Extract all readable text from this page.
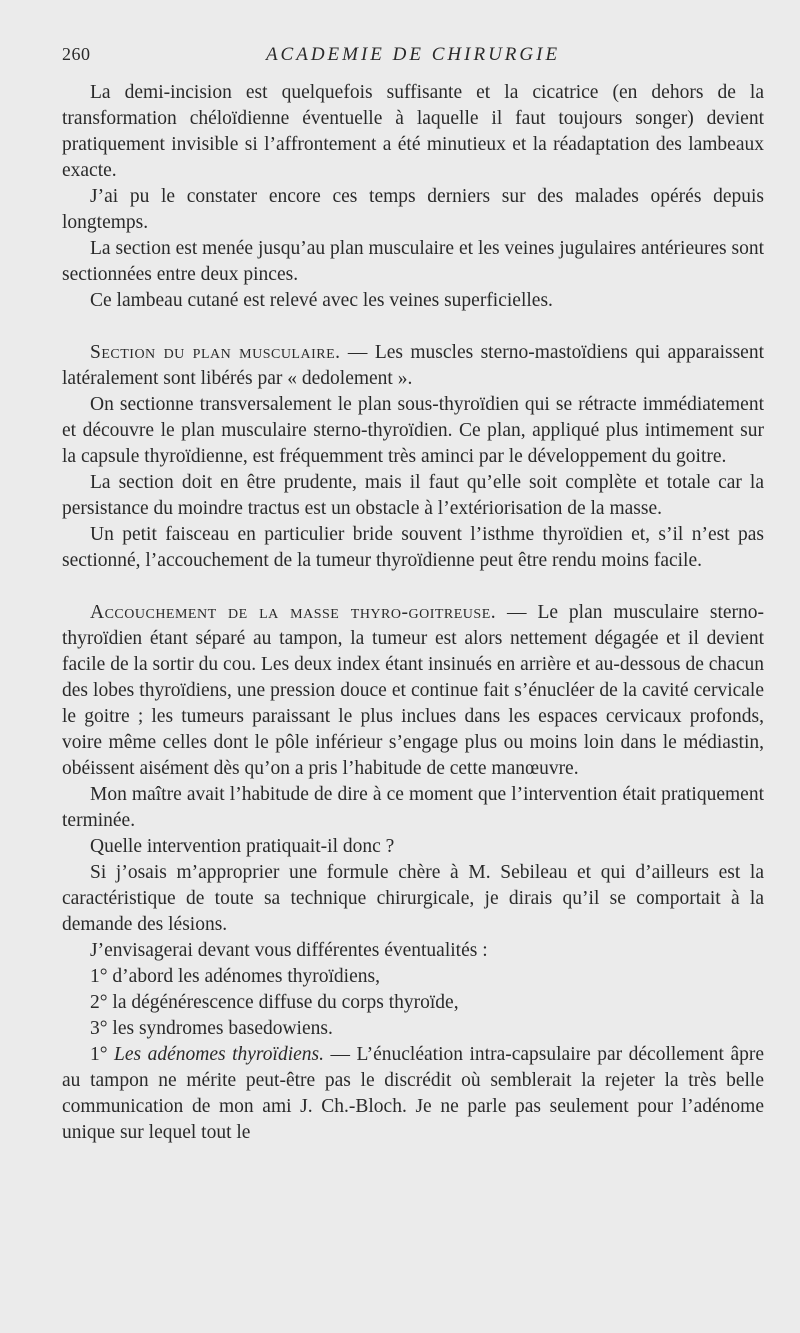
260	ACADEMIE DE CHIRURGIE

La demi-incision est quelquefois suffisante et la cicatrice (en dehors de la transformation chéloïdienne éventuelle à laquelle il faut toujours songer) devient pratiquement invisible si l’affrontement a été minutieux et la réadaptation des lambeaux exacte.

J’ai pu le constater encore ces temps derniers sur des malades opérés depuis longtemps.

La section est menée jusqu’au plan musculaire et les veines jugulaires antérieures sont sectionnées entre deux pinces.

Ce lambeau cutané est relevé avec les veines superficielles.

Section du plan musculaire. — Les muscles sterno-mastoïdiens qui apparaissent latéralement sont libérés par « dedolement ».

On sectionne transversalement le plan sous-thyroïdien qui se rétracte immédiatement et découvre le plan musculaire sterno-thyroïdien. Ce plan, appliqué plus intimement sur la capsule thyroïdienne, est fréquemment très aminci par le développement du goitre.

La section doit en être prudente, mais il faut qu’elle soit complète et totale car la persistance du moindre tractus est un obstacle à l’extériorisation de la masse.

Un petit faisceau en particulier bride souvent l’isthme thyroïdien et, s’il n’est pas sectionné, l’accouchement de la tumeur thyroïdienne peut être rendu moins facile.

Accouchement de la masse thyro-goitreuse. — Le plan musculaire sterno-thyroïdien étant séparé au tampon, la tumeur est alors nettement dégagée et il devient facile de la sortir du cou. Les deux index étant insinués en arrière et au-dessous de chacun des lobes thyroïdiens, une pression douce et continue fait s’énucléer de la cavité cervicale le goitre ; les tumeurs paraissant le plus inclues dans les espaces cervicaux profonds, voire même celles dont le pôle inférieur s’engage plus ou moins loin dans le médiastin, obéissent aisément dès qu’on a pris l’habitude de cette manœuvre.

Mon maître avait l’habitude de dire à ce moment que l’intervention était pratiquement terminée.

Quelle intervention pratiquait-il donc ?

Si j’osais m’approprier une formule chère à M. Sebileau et qui d’ailleurs est la caractéristique de toute sa technique chirurgicale, je dirais qu’il se comportait à la demande des lésions.

J’envisagerai devant vous différentes éventualités :

1° d’abord les adénomes thyroïdiens,

2° la dégénérescence diffuse du corps thyroïde,

3° les syndromes basedowiens.

1° Les adénomes thyroïdiens. — L’énucléation intra-capsulaire par décollement âpre au tampon ne mérite peut-être pas le discrédit où semblerait la rejeter la très belle communication de mon ami J. Ch.-Bloch. Je ne parle pas seulement pour l’adénome unique sur lequel tout le
